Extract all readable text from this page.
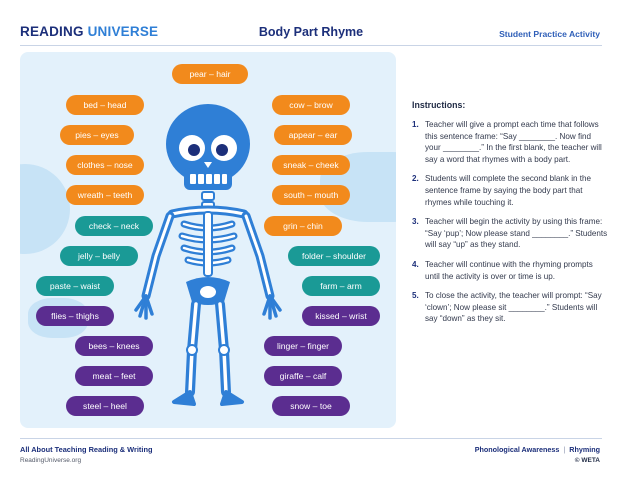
READING UNIVERSE	Body Part Rhyme	Student Practice Activity
pear – hair
bed – head
pies – eyes
clothes – nose
wreath – teeth
check – neck
jelly – belly
paste – waist
flies – thighs
bees – knees
meat – feet
steel – heel
cow – brow
appear – ear
sneak – cheek
south – mouth
grin – chin
folder – shoulder
farm – arm
kissed – wrist
linger – finger
giraffe – calf
snow – toe
Instructions:
1. Teacher will give a prompt each time that follows this sentence frame: “Say ________. Now find your ________.” In the first blank, the teacher will say a word that rhymes with a body part.
2. Students will complete the second blank in the sentence frame by saying the body part that rhymes while touching it.
3. Teacher will begin the activity by using this frame: “Say ‘pup’; Now please stand ________.” Students will say “up” as they stand.
4. Teacher will continue with the rhyming prompts until the activity is over or time is up.
5. To close the activity, the teacher will prompt: “Say ‘clown’; Now please sit ________.” Students will say “down” as they sit.
All About Teaching Reading & Writing
ReadingUniverse.org
Phonological Awareness | Rhyming
© WETA
